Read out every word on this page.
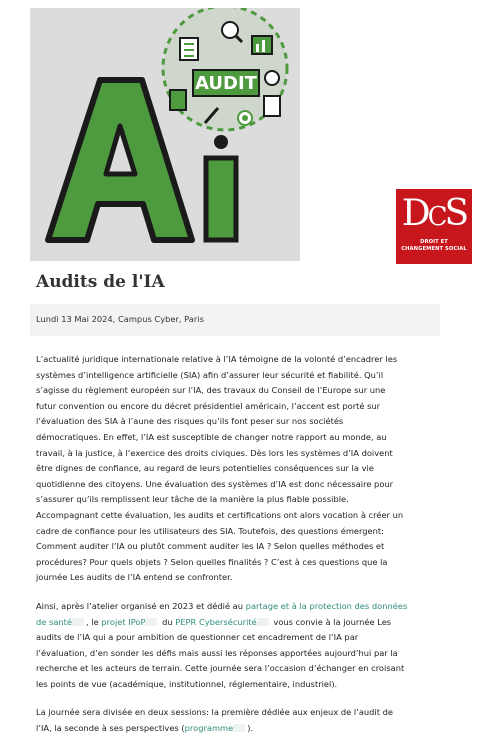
AUDIT
DCS
DROIT ET
CHANGEMENT SOCIAL
Audits de l'IA
Lundi 13 Mai 2024, Campus Cyber, Paris

L’actualité juridique internationale relative à l’IA témoigne de la volonté d’encadrer les systèmes d’intelligence artificielle (SIA) afin d’assurer leur sécurité et fiabilité. Qu’il s’agisse du règlement européen sur l’IA, des travaux du Conseil de l’Europe sur une futur convention ou encore du décret présidentiel américain, l’accent est porté sur l’évaluation des SIA à l’aune des risques qu’ils font peser sur nos sociétés démocratiques. En effet, l’IA est susceptible de changer notre rapport au monde, au travail, à la justice, à l’exercice des droits civiques. Dès lors les systèmes d’IA doivent être dignes de confiance, au regard de leurs potentielles conséquences sur la vie quotidienne des citoyens. Une évaluation des systèmes d’IA est donc nécessaire pour s’assurer qu’ils remplissent leur tâche de la manière la plus fiable possible. Accompagnant cette évaluation, les audits et certifications ont alors vocation à créer un cadre de confiance pour les utilisateurs des SIA. Toutefois, des questions émergent: Comment auditer l’IA ou plutôt comment auditer les IA ? Selon quelles méthodes et procédures? Pour quels objets ? Selon quelles finalités ? C’est à ces questions que la journée Les audits de l’IA entend se confronter.

Ainsi, après l’atelier organisé en 2023 et dédié au partage et à la protection des données de santé , le projet IPoP du PEPR Cybersécurité vous convie à la journée Les audits de l’IA qui a pour ambition de questionner cet encadrement de l’IA par l’évaluation, d’en sonder les défis mais aussi les réponses apportées aujourd’hui par la recherche et les acteurs de terrain. Cette journée sera l’occasion d’échanger en croisant les points de vue (académique, institutionnel, réglementaire, industriel).

La journée sera divisée en deux sessions: la première dédiée aux enjeux de l’audit de l’IA, la seconde à ses perspectives (programme ).
